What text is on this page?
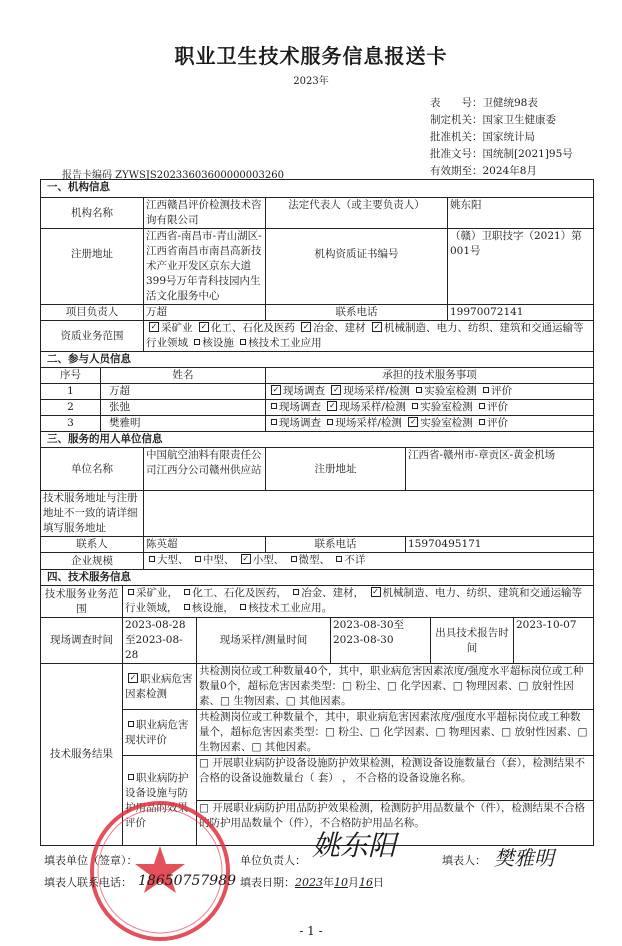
职业卫生技术服务信息报送卡
2023年
表　　号：卫健统98表
制定机关：国家卫生健康委
批准机关：国家统计局
批准文号：国统制[2021]95号
有效期至：2024年8月
报告卡编码 ZYWSJS20233603600000003260
一、机构信息			
机构名称	江西赣昌评价检测技术咨询有限公司	法定代表人（或主要负责人）	姚东阳
注册地址	江西省-南昌市-青山湖区-江西省南昌市南昌高新技术产业开发区京东大道399号万年青科技园内生活文化服务中心	机构资质证书编号	（赣）卫职技字（2021）第001号
项目负责人	万超	联系电话	19970072141
资质业务范围	✓ 采矿业 ✓ 化工、石化及医药 ✓ 冶金、建材 ✓ 机械制造、电力、纺织、建筑和交通运输等行业领域 核设施 核技术工业应用		
二、参与人员信息		
序号	姓名	承担的技术服务事项
1	万超	✓ 现场调查 ✓ 现场采样/检测 实验室检测 评价
2	张弛	现场调查 ✓ 现场采样/检测 实验室检测 评价
3	樊雅明	现场调查 现场采样/检测 ✓ 实验室检测 评价
三、服务的用人单位信息			
单位名称	中国航空油料有限责任公司江西分公司赣州供应站	注册地址	江西省-赣州市-章贡区-黄金机场
技术服务地址与注册地址不一致的请详细填写服务地址			
联系人	陈英超	联系电话	15970495171
企业规模	大型、 中型、 ✓ 小型、 微型、 不详		
四、技术服务信息					
技术服务业务范围	采矿业， 化工、石化及医药， 冶金、建材， ✓ 机械制造、电力、纺织、建筑和交通运输等行业领域， 核设施， 核技术工业应用。				
现场调查时间	2023-08-28至2023-08-28	现场采样/测量时间	2023-08-30至2023-08-30	出具技术报告时间	2023-10-07
技术服务结果	✓ 职业病危害因素检测	共检测岗位或工种数量40个，其中，职业病危害因素浓度/强度水平超标岗位或工种数量0个，超标危害因素类型：□ 粉尘、□ 化学因素、□ 物理因素、□ 放射性因素、□ 生物因素、□ 其他因素。			
	职业病危害现状评价	共检测岗位或工种数量个，其中，职业病危害因素浓度/强度水平超标岗位或工种数量个，超标危害因素类型：□ 粉尘、□ 化学因素、□ 物理因素、□ 放射性因素、□ 生物因素、□ 其他因素。			
	职业病防护设备设施与防护用品的效果评价	□ 开展职业病防护设备设施防护效果检测，检测设备设施数量台（套），检测结果不合格的设备设施数量台（ 套） ， 不合格的设备设施名称。			
		□ 开展职业病防护用品防护效果检测，检测防护用品数量个（件），检测结果不合格的防护用品数量个（件），不合格防护用品名称。			
填表单位（签章）：	单位负责人： 姚东阳	填表人： 樊雅明
填表人联系电话： 18650757989 填表日期：2023年10月16日
- 1 -
